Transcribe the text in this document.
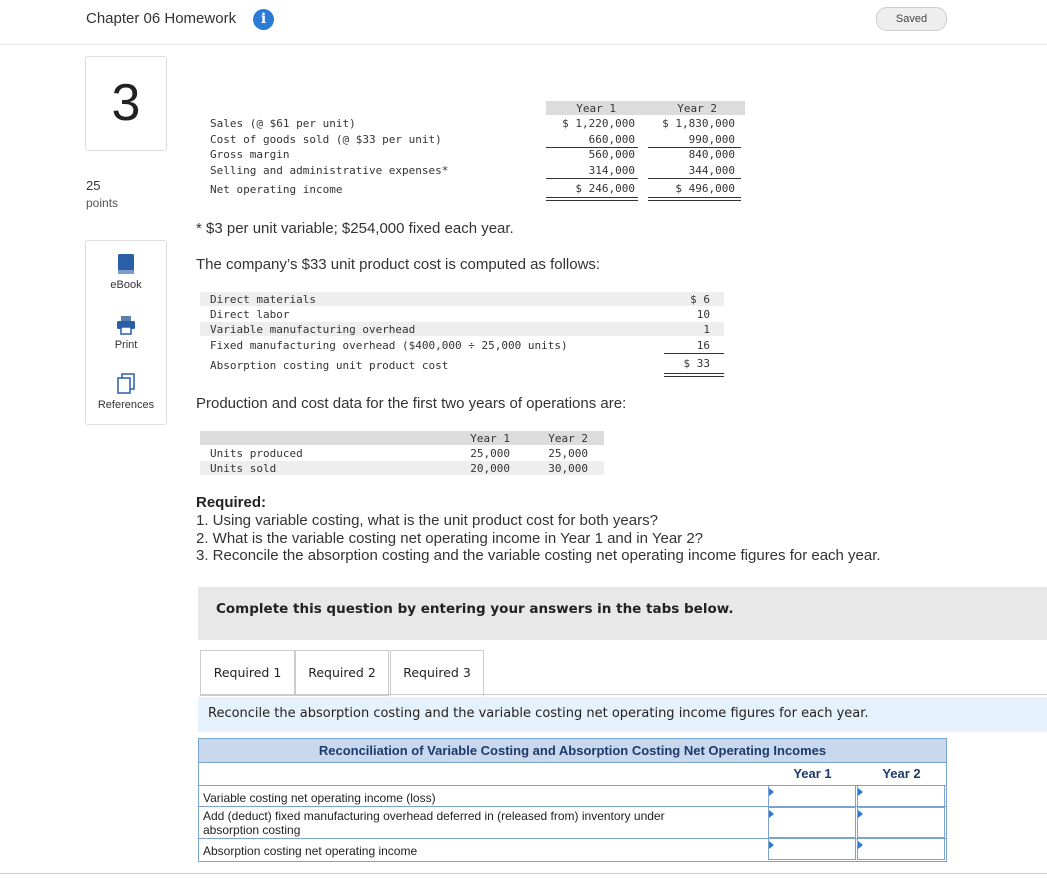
Chapter 06 Homework	i	Saved
3
25
points
eBook
Print
References
Year 1	Year 2
Sales (@ $61 per unit)	$ 1,220,000	$ 1,830,000
Cost of goods sold (@ $33 per unit)	660,000	990,000
Gross margin	560,000	840,000
Selling and administrative expenses*	314,000	344,000
Net operating income	$ 246,000	$ 496,000
* $3 per unit variable; $254,000 fixed each year.
The company’s $33 unit product cost is computed as follows:
Direct materials	$ 6
Direct labor	10
Variable manufacturing overhead	1
Fixed manufacturing overhead ($400,000 ÷ 25,000 units)	16
Absorption costing unit product cost	$ 33
Production and cost data for the first two years of operations are:
Year 1	Year 2
Units produced	25,000	25,000
Units sold	20,000	30,000
Required:
1. Using variable costing, what is the unit product cost for both years?
2. What is the variable costing net operating income in Year 1 and in Year 2?
3. Reconcile the absorption costing and the variable costing net operating income figures for each year.
Complete this question by entering your answers in the tabs below.
Required 1	Required 2	Required 3
Reconcile the absorption costing and the variable costing net operating income figures for each year.
Reconciliation of Variable Costing and Absorption Costing Net Operating Incomes
Year 1	Year 2
Variable costing net operating income (loss)
Add (deduct) fixed manufacturing overhead deferred in (released from) inventory under
absorption costing
Absorption costing net operating income
